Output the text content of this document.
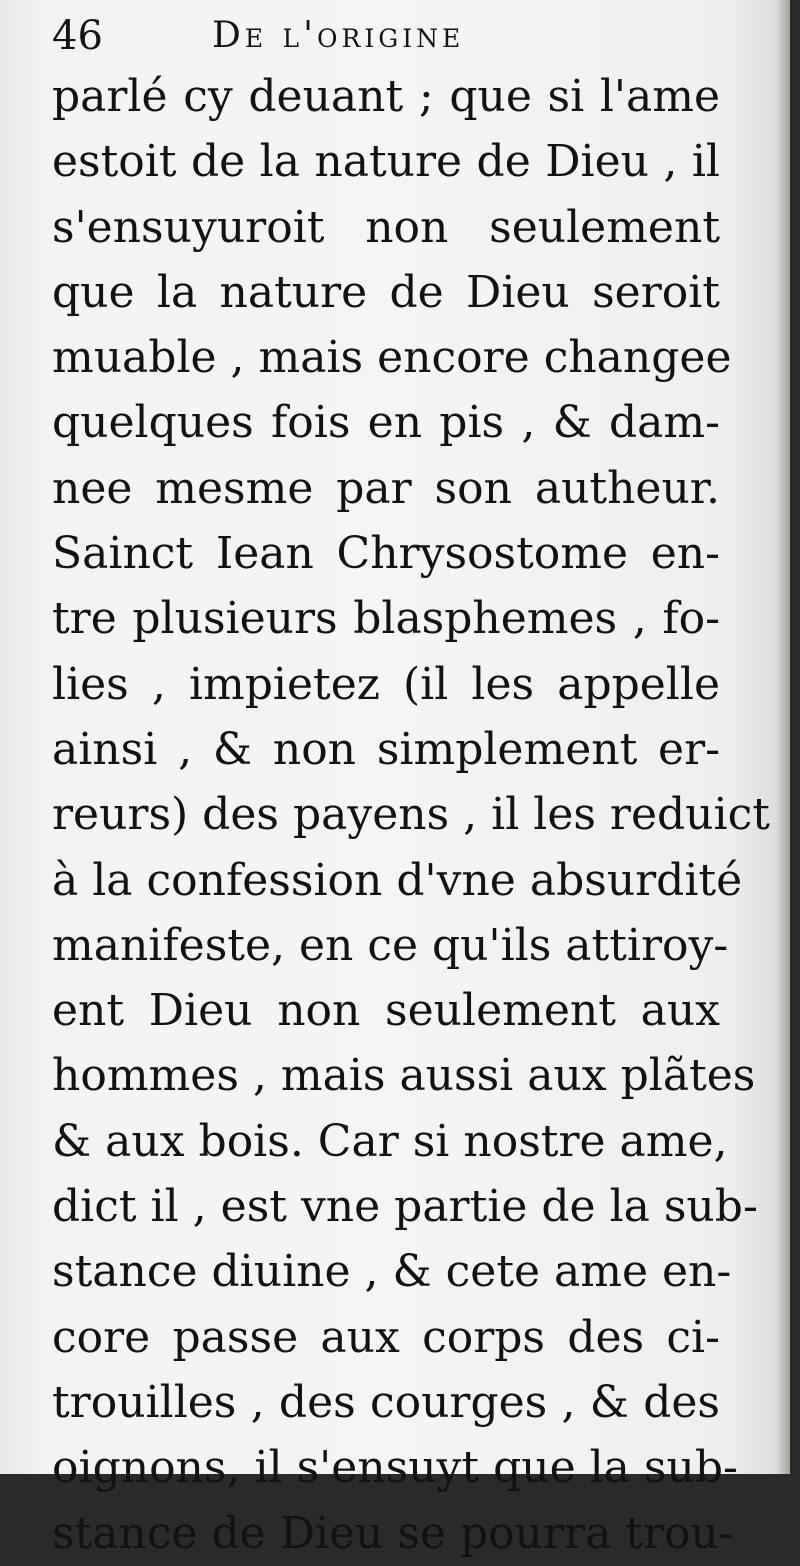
46	De l'origine
parlé cy deuant ; que si l'ame
estoit de la nature de Dieu , il
s'ensuyuroit non seulement
que la nature de Dieu seroit
muable , mais encore changee
quelques fois en pis , & dam-
nee mesme par son autheur.
Sainct Iean Chrysostome en-
tre plusieurs blasphemes , fo-
lies , impietez (il les appelle
ainsi , & non simplement er-
reurs) des payens , il les reduict
à la confession d'vne absurdité
manifeste, en ce qu'ils attiroy-
ent Dieu non seulement aux
hommes , mais aussi aux plãtes
& aux bois. Car si nostre ame,
dict il , est vne partie de la sub-
stance diuine , & cete ame en-
core passe aux corps des ci-
trouilles , des courges , & des
oignons, il s'ensuyt que la sub-
stance de Dieu se pourra trou-
